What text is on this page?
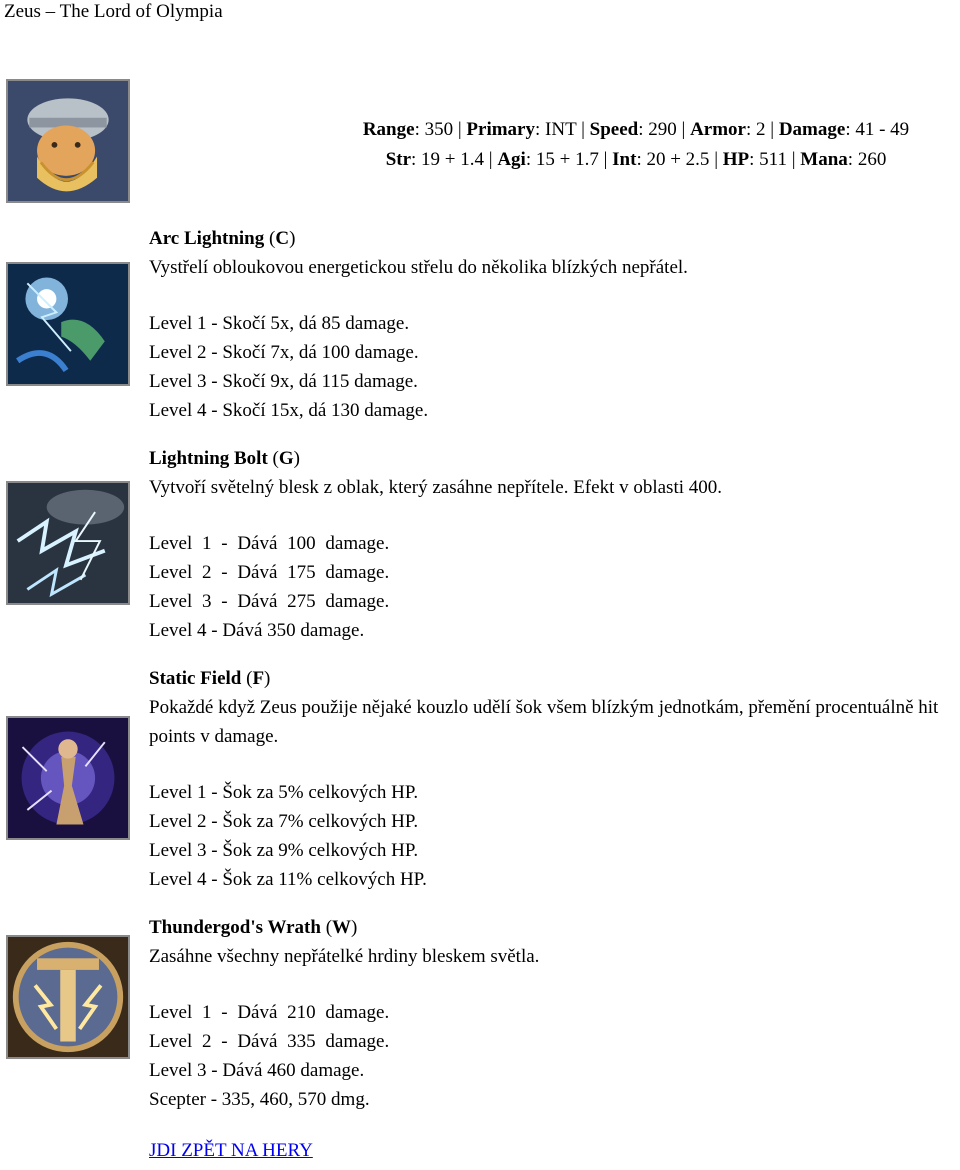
Zeus – The Lord of Olympia
Range: 350 | Primary: INT | Speed: 290 | Armor: 2 | Damage: 41 - 49
Str: 19 + 1.4 | Agi: 15 + 1.7 | Int: 20 + 2.5 | HP: 511 | Mana: 260
Arc Lightning (C)
Vystřelí obloukovou energetickou střelu do několika blízkých nepřátel.
Level 1 - Skočí 5x, dá 85 damage.
Level 2 - Skočí 7x, dá 100 damage.
Level 3 - Skočí 9x, dá 115 damage.
Level 4 - Skočí 15x, dá 130 damage.
Lightning Bolt (G)
Vytvoří světelný blesk z oblak, který zasáhne nepřítele. Efekt v oblasti 400.
Level 1 - Dává 100 damage.
Level 2 - Dává 175 damage.
Level 3 - Dává 275 damage.
Level 4 - Dává 350 damage.
Static Field (F)
Pokaždé když Zeus použije nějaké kouzlo udělí šok všem blízkým jednotkám, přemění procentuálně hit points v damage.
Level 1 - Šok za 5% celkových HP.
Level 2 - Šok za 7% celkových HP.
Level 3 - Šok za 9% celkových HP.
Level 4 - Šok za 11% celkových HP.
Thundergod's Wrath (W)
Zasáhne všechny nepřátelké hrdiny bleskem světla.
Level 1 - Dává 210 damage.
Level 2 - Dává 335 damage.
Level 3 - Dává 460 damage.
Scepter - 335, 460, 570 dmg.
JDI ZPĚT NA HERY
